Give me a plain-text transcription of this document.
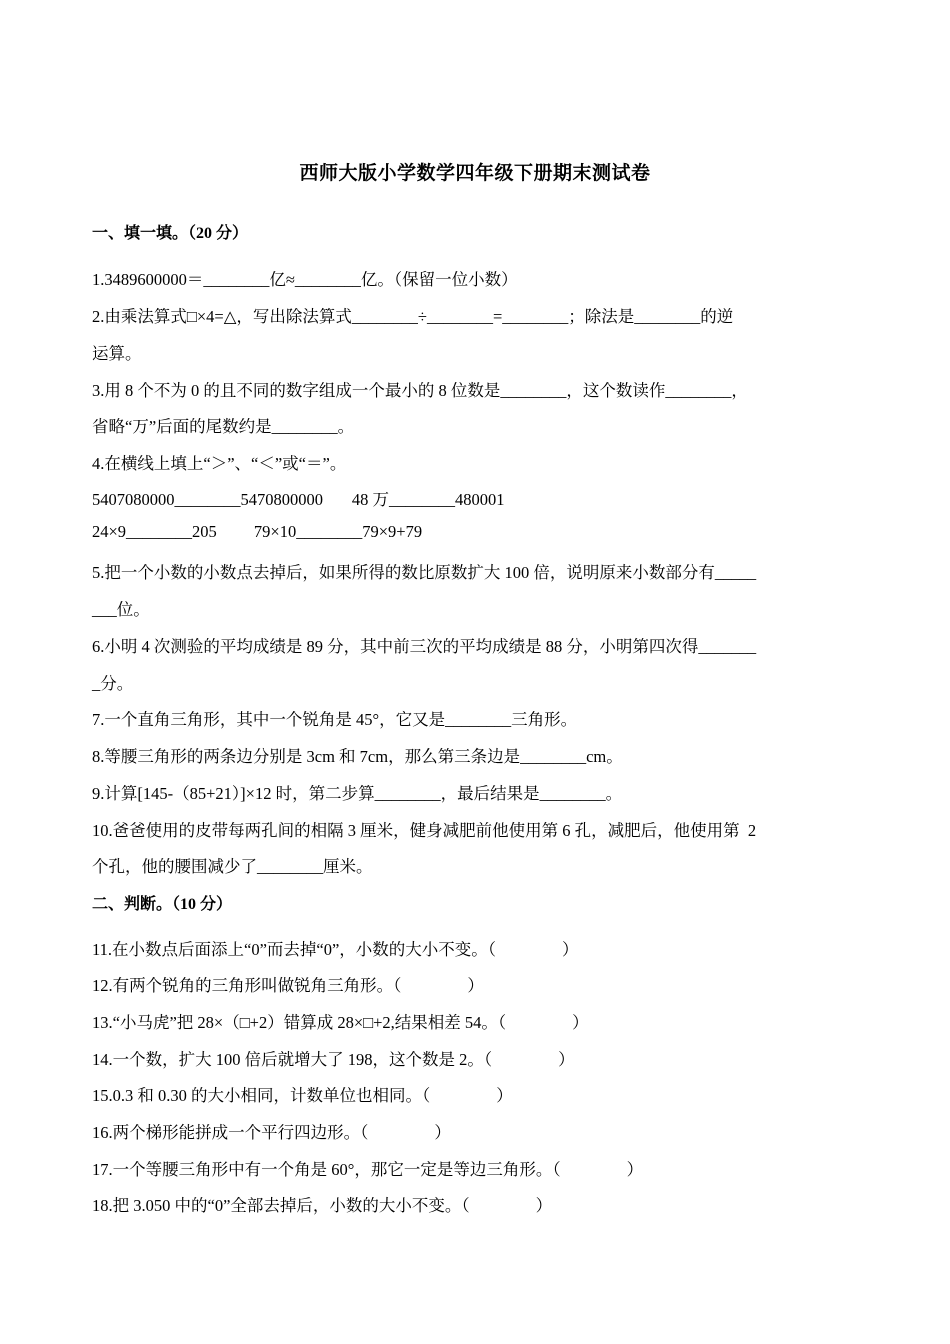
西师大版小学数学四年级下册期末测试卷
一、填一填。（20 分）
1.3489600000＝________亿≈________亿。（保留一位小数）
2.由乘法算式□×4=△，写出除法算式________÷________=________；除法是________的逆
运算。
3.用 8 个不为 0 的且不同的数字组成一个最小的 8 位数是________，这个数读作________，
省略“万”后面的尾数约是________。
4.在横线上填上“＞”、“＜”或“＝”。
5407080000________5470800000       48 万________480001
24×9________205         79×10________79×9+79
5.把一个小数的小数点去掉后，如果所得的数比原数扩大 100 倍，说明原来小数部分有_____
___位。
6.小明 4 次测验的平均成绩是 89 分，其中前三次的平均成绩是 88 分，小明第四次得_______
_分。
7.一个直角三角形，其中一个锐角是 45°，它又是________三角形。
8.等腰三角形的两条边分别是 3cm 和 7cm，那么第三条边是________cm。
9.计算[145-（85+21）]×12 时，第二步算________，最后结果是________。
10.爸爸使用的皮带每两孔间的相隔 3 厘米，健身减肥前他使用第 6 孔，减肥后，他使用第  2
个孔，他的腰围减少了________厘米。
二、判断。（10 分）
11.在小数点后面添上“0”而去掉“0”，小数的大小不变。（                ）
12.有两个锐角的三角形叫做锐角三角形。（                ）
13.“小马虎”把 28×（□+2）错算成 28×□+2,结果相差 54。（                ）
14.一个数，扩大 100 倍后就增大了 198，这个数是 2。（                ）
15.0.3 和 0.30 的大小相同，计数单位也相同。（                ）
16.两个梯形能拼成一个平行四边形。（                ）
17.一个等腰三角形中有一个角是 60°，那它一定是等边三角形。（                ）
18.把 3.050 中的“0”全部去掉后，小数的大小不变。（                ）
